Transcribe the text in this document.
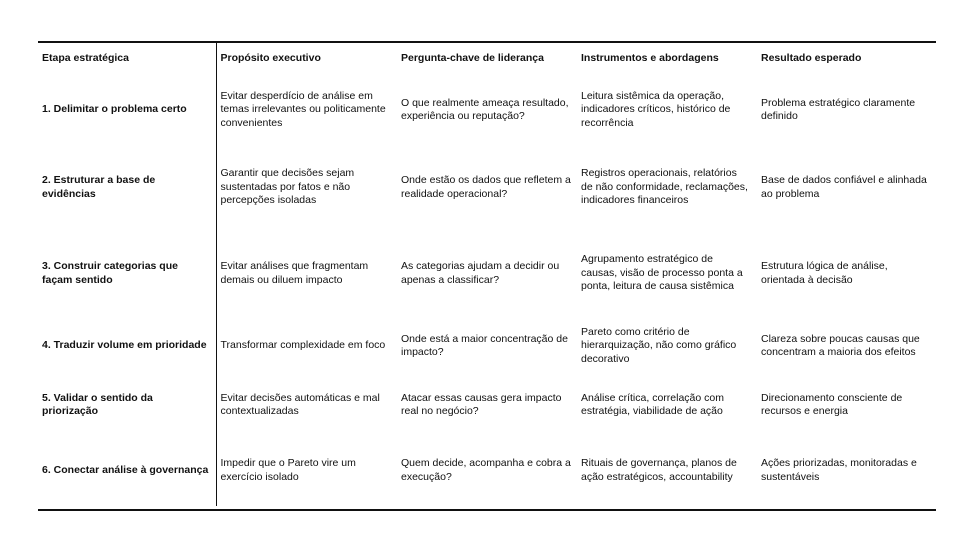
Etapa estratégica	Propósito executivo	Pergunta-chave de liderança	Instrumentos e abordagens	Resultado esperado
1. Delimitar o problema certo	Evitar desperdício de análise em temas irrelevantes ou politicamente convenientes	O que realmente ameaça resultado, experiência ou reputação?	Leitura sistêmica da operação, indicadores críticos, histórico de recorrência	Problema estratégico claramente definido
2. Estruturar a base de evidências	Garantir que decisões sejam sustentadas por fatos e não percepções isoladas	Onde estão os dados que refletem a realidade operacional?	Registros operacionais, relatórios de não conformidade, reclamações, indicadores financeiros	Base de dados confiável e alinhada ao problema
3. Construir categorias que façam sentido	Evitar análises que fragmentam demais ou diluem impacto	As categorias ajudam a decidir ou apenas a classificar?	Agrupamento estratégico de causas, visão de processo ponta a ponta, leitura de causa sistêmica	Estrutura lógica de análise, orientada à decisão
4. Traduzir volume em prioridade	Transformar complexidade em foco	Onde está a maior concentração de impacto?	Pareto como critério de hierarquização, não como gráfico decorativo	Clareza sobre poucas causas que concentram a maioria dos efeitos
5. Validar o sentido da priorização	Evitar decisões automáticas e mal contextualizadas	Atacar essas causas gera impacto real no negócio?	Análise crítica, correlação com estratégia, viabilidade de ação	Direcionamento consciente de recursos e energia
6. Conectar análise à governança	Impedir que o Pareto vire um exercício isolado	Quem decide, acompanha e cobra a execução?	Rituais de governança, planos de ação estratégicos, accountability	Ações priorizadas, monitoradas e sustentáveis
